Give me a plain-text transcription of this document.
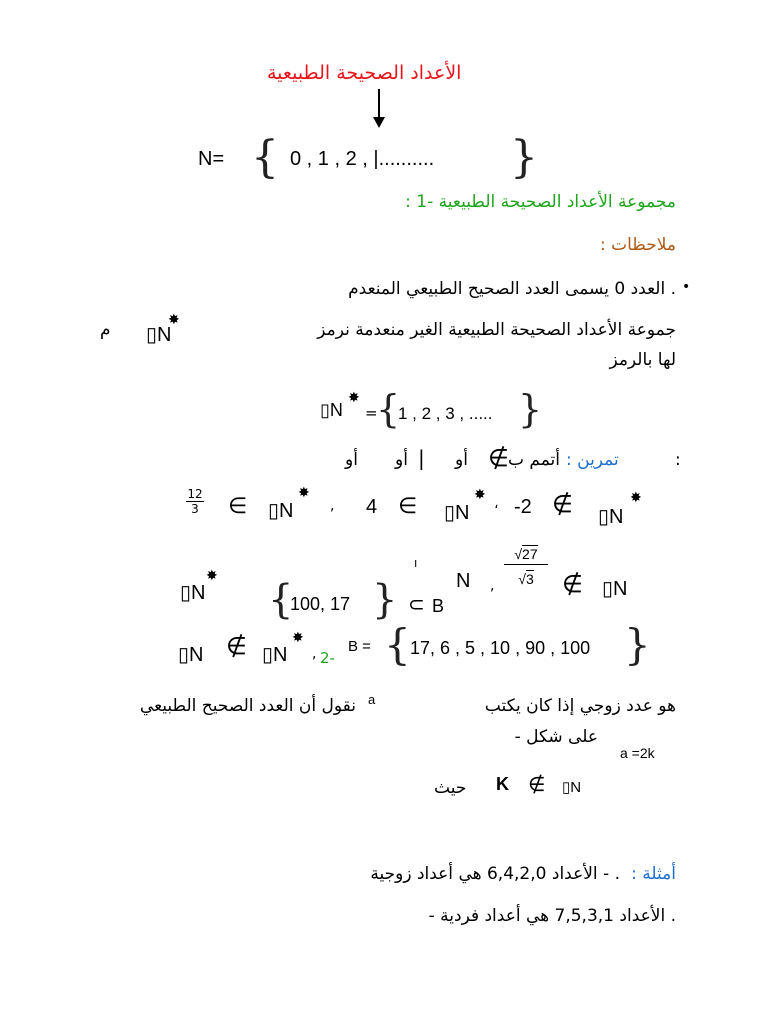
الأعداد الصحيحة الطبيعية
N= { 0 , 1 , 2 , |.......... }
مجموعة الأعداد الصحيحة الطبيعية -1 :
ملاحظات :
•
. العدد 0 يسمى العدد الصحيح الطبيعي المنعدم
جموعة الأعداد الصحيحة الطبيعية الغير منعدمة نرمز
م ▯N
✸
لها بالرمز
▯N
✸
=
{
1 , 2 , 3 , ..... }
:
تمرين :
أتمم ب
∉
أو
|
أو
أو
$\frac{12}{3}$ ∈ ▯N
✸
, 4 ∈ ▯N
✸
، -2 ∉ ▯N
✸
ı
▯N
✸
{
100, 17 } ⊂ B
N , $\frac{√27}{√3}$ ∉ ▯N
▯N ∉ ▯N
✸
, 2-
B = { 17, 6 , 5 , 10 , 90 , 100 }
هو عدد زوجي إذا كان يكتب
a
نقول أن العدد الصحيح الطبيعي
على شكل -
a =2k
حيث K ∉ ▯N
أمثلة :
. - الأعداد 6,4,2,0 هي أعداد زوجية
. الأعداد 7,5,3,1 هي أعداد فردية -
